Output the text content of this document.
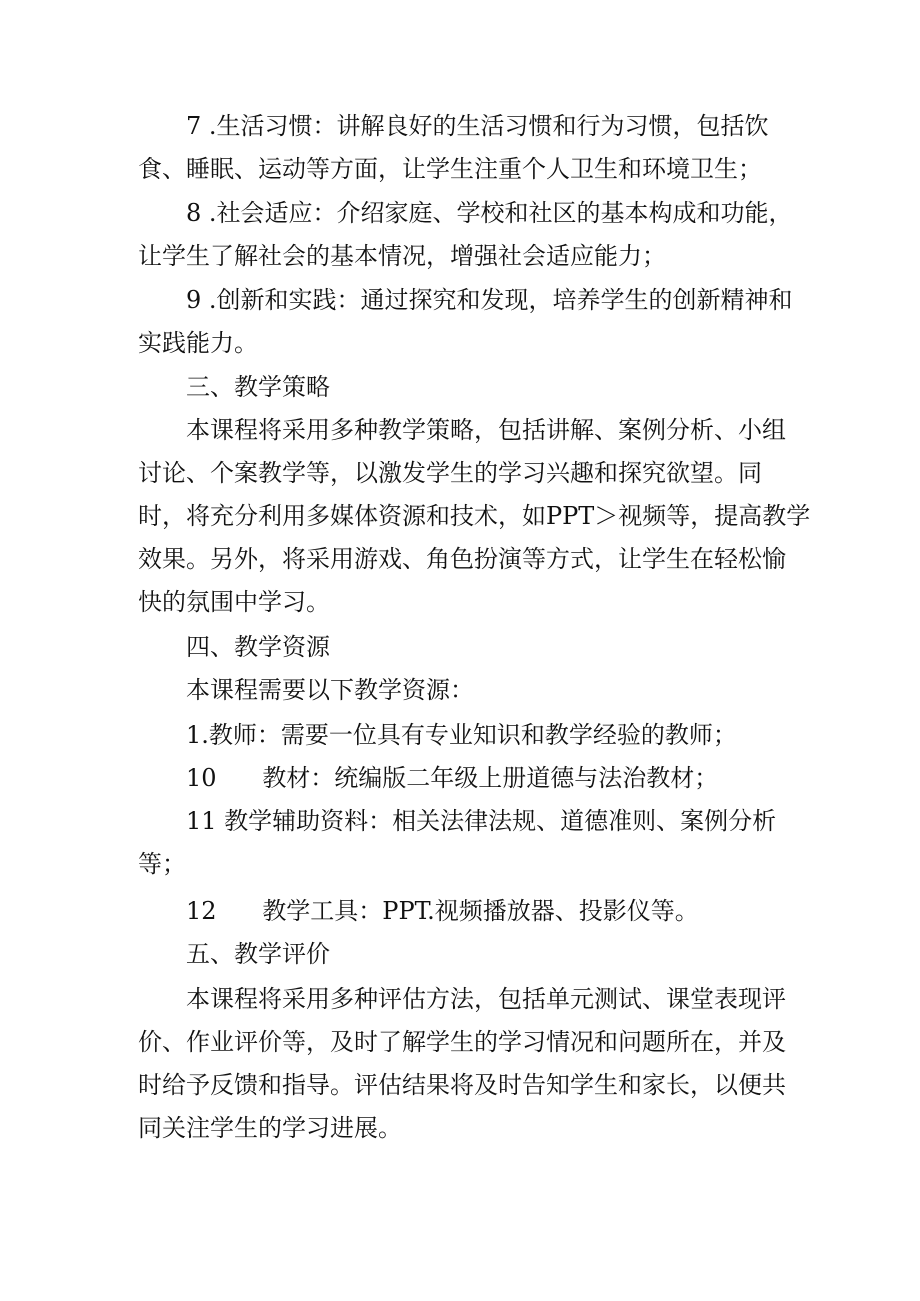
7 .生活习惯：讲解良好的生活习惯和行为习惯，包括饮
食、睡眠、运动等方面，让学生注重个人卫生和环境卫生；
8 .社会适应：介绍家庭、学校和社区的基本构成和功能，
让学生了解社会的基本情况，增强社会适应能力；
9 .创新和实践：通过探究和发现，培养学生的创新精神和
实践能力。
三、教学策略
本课程将采用多种教学策略，包括讲解、案例分析、小组
讨论、个案教学等，以激发学生的学习兴趣和探究欲望。同
时，将充分利用多媒体资源和技术，如PPT＞视频等，提高教学
效果。另外，将采用游戏、角色扮演等方式，让学生在轻松愉
快的氛围中学习。
四、教学资源
本课程需要以下教学资源：
1.教师：需要一位具有专业知识和教学经验的教师；
10      教材：统编版二年级上册道德与法治教材；
11 教学辅助资料：相关法律法规、道德准则、案例分析
等；
12      教学工具：PPT.视频播放器、投影仪等。
五、教学评价
本课程将采用多种评估方法，包括单元测试、课堂表现评
价、作业评价等，及时了解学生的学习情况和问题所在，并及
时给予反馈和指导。评估结果将及时告知学生和家长，以便共
同关注学生的学习进展。
